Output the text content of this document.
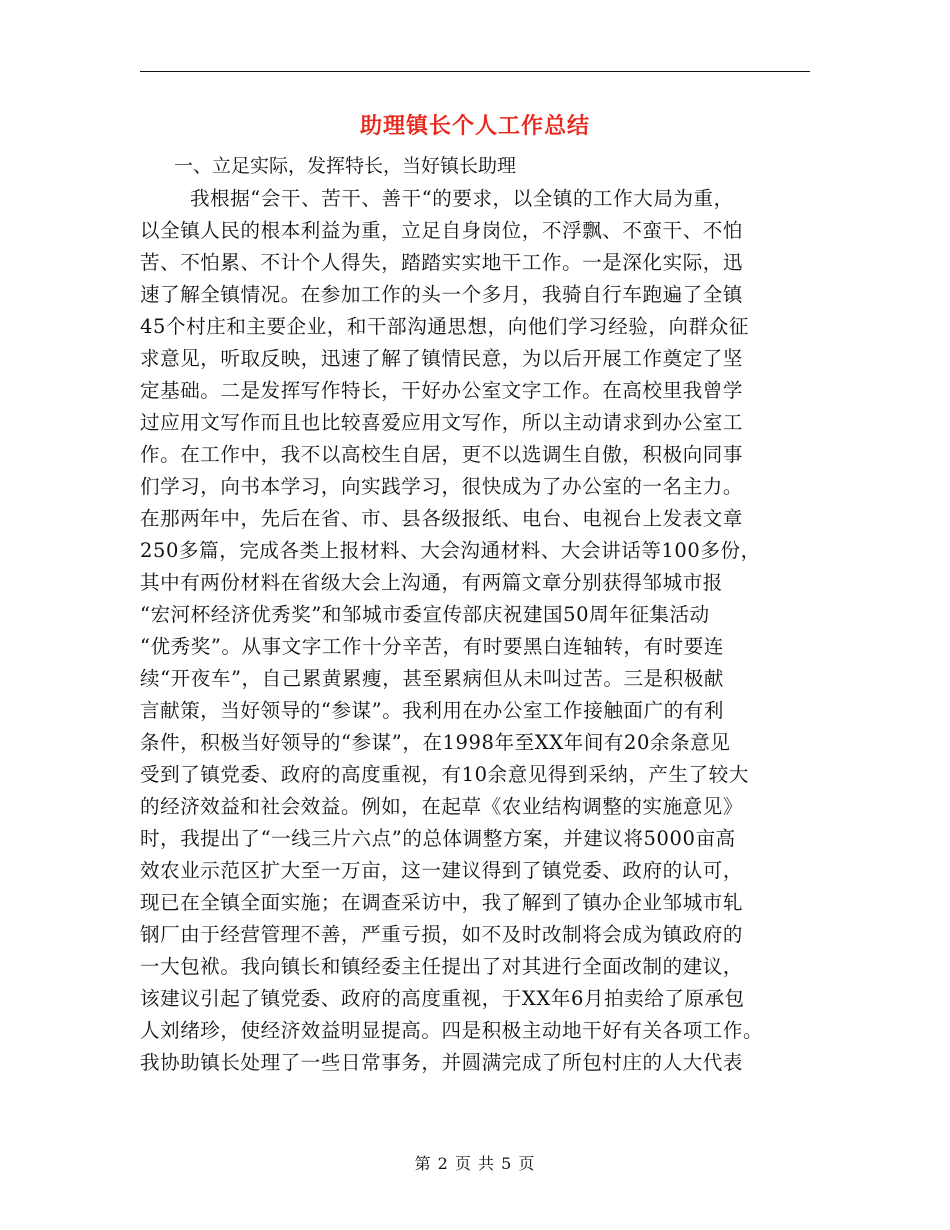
助理镇长个人工作总结

一、立足实际，发挥特长，当好镇长助理

我根据“会干、苦干、善干“的要求，以全镇的工作大局为重，

以全镇人民的根本利益为重，立足自身岗位，不浮飘、不蛮干、不怕

苦、不怕累、不计个人得失，踏踏实实地干工作。一是深化实际，迅

速了解全镇情况。在参加工作的头一个多月，我骑自行车跑遍了全镇

45个村庄和主要企业，和干部沟通思想，向他们学习经验，向群众征

求意见，听取反映，迅速了解了镇情民意，为以后开展工作奠定了坚

定基础。二是发挥写作特长，干好办公室文字工作。在高校里我曾学

过应用文写作而且也比较喜爱应用文写作，所以主动请求到办公室工

作。在工作中，我不以高校生自居，更不以选调生自傲，积极向同事

们学习，向书本学习，向实践学习，很快成为了办公室的一名主力。

在那两年中，先后在省、市、县各级报纸、电台、电视台上发表文章

250多篇，完成各类上报材料、大会沟通材料、大会讲话等100多份，

其中有两份材料在省级大会上沟通，有两篇文章分别获得邹城市报

“宏河杯经济优秀奖”和邹城市委宣传部庆祝建国50周年征集活动

“优秀奖”。从事文字工作十分辛苦，有时要黑白连轴转，有时要连

续“开夜车”，自己累黄累瘦，甚至累病但从未叫过苦。三是积极献

言献策，当好领导的“参谋”。我利用在办公室工作接触面广的有利

条件，积极当好领导的“参谋”，在1998年至XX年间有20余条意见

受到了镇党委、政府的高度重视，有10余意见得到采纳，产生了较大

的经济效益和社会效益。例如，在起草《农业结构调整的实施意见》

时，我提出了“一线三片六点”的总体调整方案，并建议将5000亩高

效农业示范区扩大至一万亩，这一建议得到了镇党委、政府的认可，

现已在全镇全面实施；在调查采访中，我了解到了镇办企业邹城市轧

钢厂由于经营管理不善，严重亏损，如不及时改制将会成为镇政府的

一大包袱。我向镇长和镇经委主任提出了对其进行全面改制的建议，

该建议引起了镇党委、政府的高度重视，于XX年6月拍卖给了原承包

人刘绪珍，使经济效益明显提高。四是积极主动地干好有关各项工作。

我协助镇长处理了一些日常事务，并圆满完成了所包村庄的人大代表

第 2 页 共 5 页
